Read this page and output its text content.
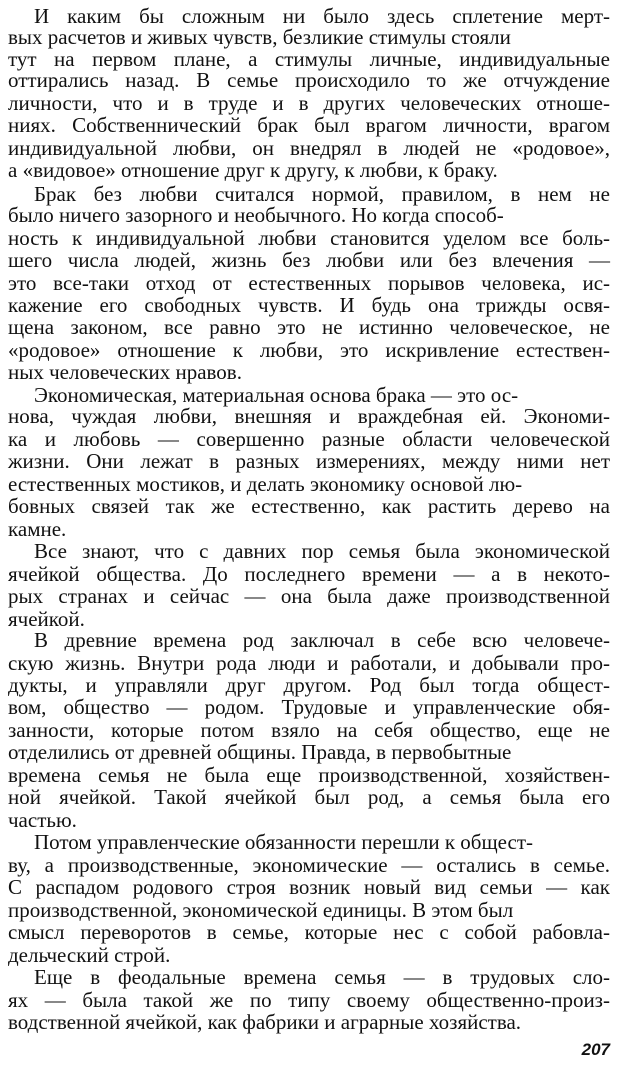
И каким бы сложным ни было здесь сплетение мерт-
вых расчетов и живых чувств, безликие стимулы стояли
тут на первом плане, а стимулы личные, индивидуальные
оттирались назад. В семье происходило то же отчуждение
личности, что и в труде и в других человеческих отноше-
ниях. Собственнический брак был врагом личности, врагом
индивидуальной любви, он внедрял в людей не «родовое»,
а «видовое» отношение друг к другу, к любви, к браку.
Брак без любви считался нормой, правилом, в нем не
было ничего зазорного и необычного. Но когда способ-
ность к индивидуальной любви становится уделом все боль-
шего числа людей, жизнь без любви или без влечения —
это все-таки отход от естественных порывов человека, ис-
кажение его свободных чувств. И будь она трижды освя-
щена законом, все равно это не истинно человеческое, не
«родовое» отношение к любви, это искривление естествен-
ных человеческих нравов.
Экономическая, материальная основа брака — это ос-
нова, чуждая любви, внешняя и враждебная ей. Экономи-
ка и любовь — совершенно разные области человеческой
жизни. Они лежат в разных измерениях, между ними нет
естественных мостиков, и делать экономику основой лю-
бовных связей так же естественно, как растить дерево на
камне.
Все знают, что с давних пор семья была экономической
ячейкой общества. До последнего времени — а в некото-
рых странах и сейчас — она была даже производственной
ячейкой.
В древние времена род заключал в себе всю человече-
скую жизнь. Внутри рода люди и работали, и добывали про-
дукты, и управляли друг другом. Род был тогда общест-
вом, общество — родом. Трудовые и управленческие обя-
занности, которые потом взяло на себя общество, еще не
отделились от древней общины. Правда, в первобытные
времена семья не была еще производственной, хозяйствен-
ной ячейкой. Такой ячейкой был род, а семья была его
частью.
Потом управленческие обязанности перешли к общест-
ву, а производственные, экономические — остались в семье.
С распадом родового строя возник новый вид семьи — как
производственной, экономической единицы. В этом был
смысл переворотов в семье, которые нес с собой рабовла-
дельческий строй.
Еще в феодальные времена семья — в трудовых сло-
ях — была такой же по типу своему общественно-произ-
водственной ячейкой, как фабрики и аграрные хозяйства.
207
